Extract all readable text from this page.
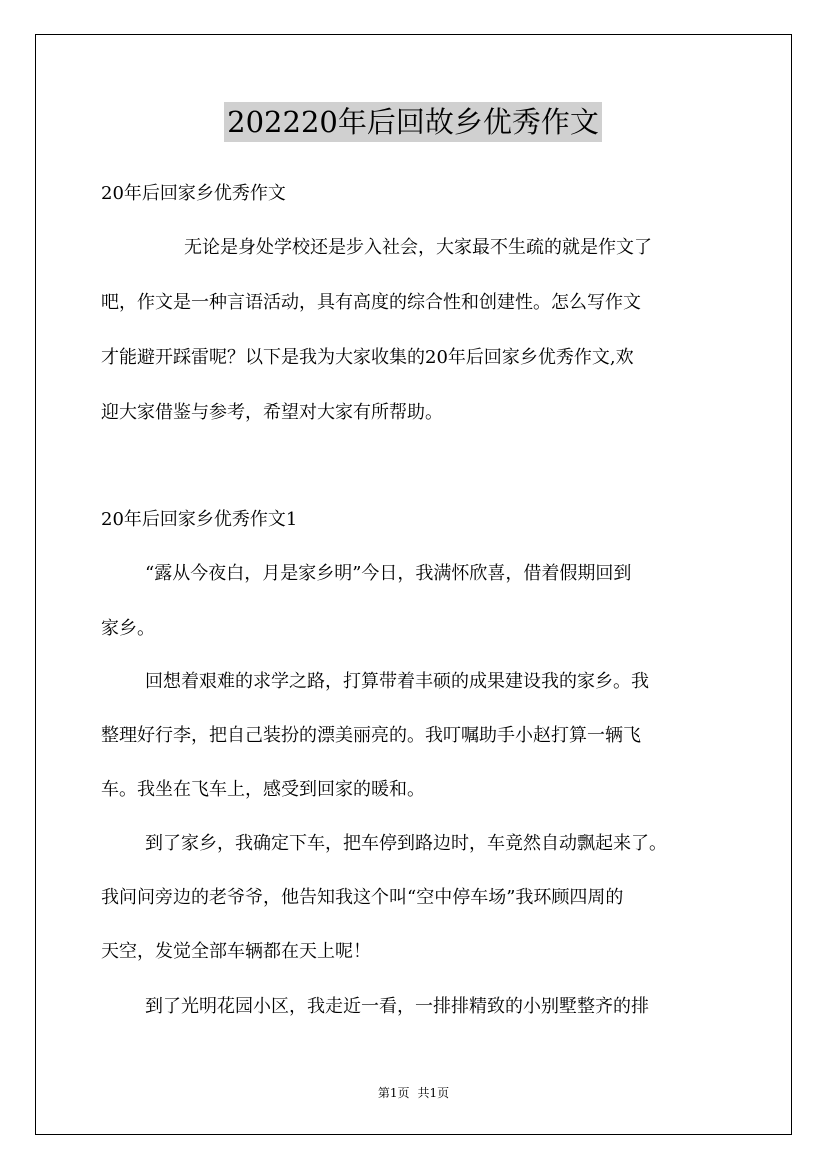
202220年后回故乡优秀作文
20年后回家乡优秀作文
无论是身处学校还是步入社会，大家最不生疏的就是作文了
吧，作文是一种言语活动，具有高度的综合性和创建性。怎么写作文
才能避开踩雷呢？以下是我为大家收集的20年后回家乡优秀作文,欢
迎大家借鉴与参考，希望对大家有所帮助。
20年后回家乡优秀作文1
“露从今夜白，月是家乡明”今日，我满怀欣喜，借着假期回到
家乡。
回想着艰难的求学之路，打算带着丰硕的成果建设我的家乡。我
整理好行李，把自己装扮的漂美丽亮的。我叮嘱助手小赵打算一辆飞
车。我坐在飞车上，感受到回家的暖和。
到了家乡，我确定下车，把车停到路边时，车竟然自动飘起来了。
我问问旁边的老爷爷，他告知我这个叫“空中停车场”我环顾四周的
天空，发觉全部车辆都在天上呢！
到了光明花园小区，我走近一看，一排排精致的小别墅整齐的排
第1页 共1页
